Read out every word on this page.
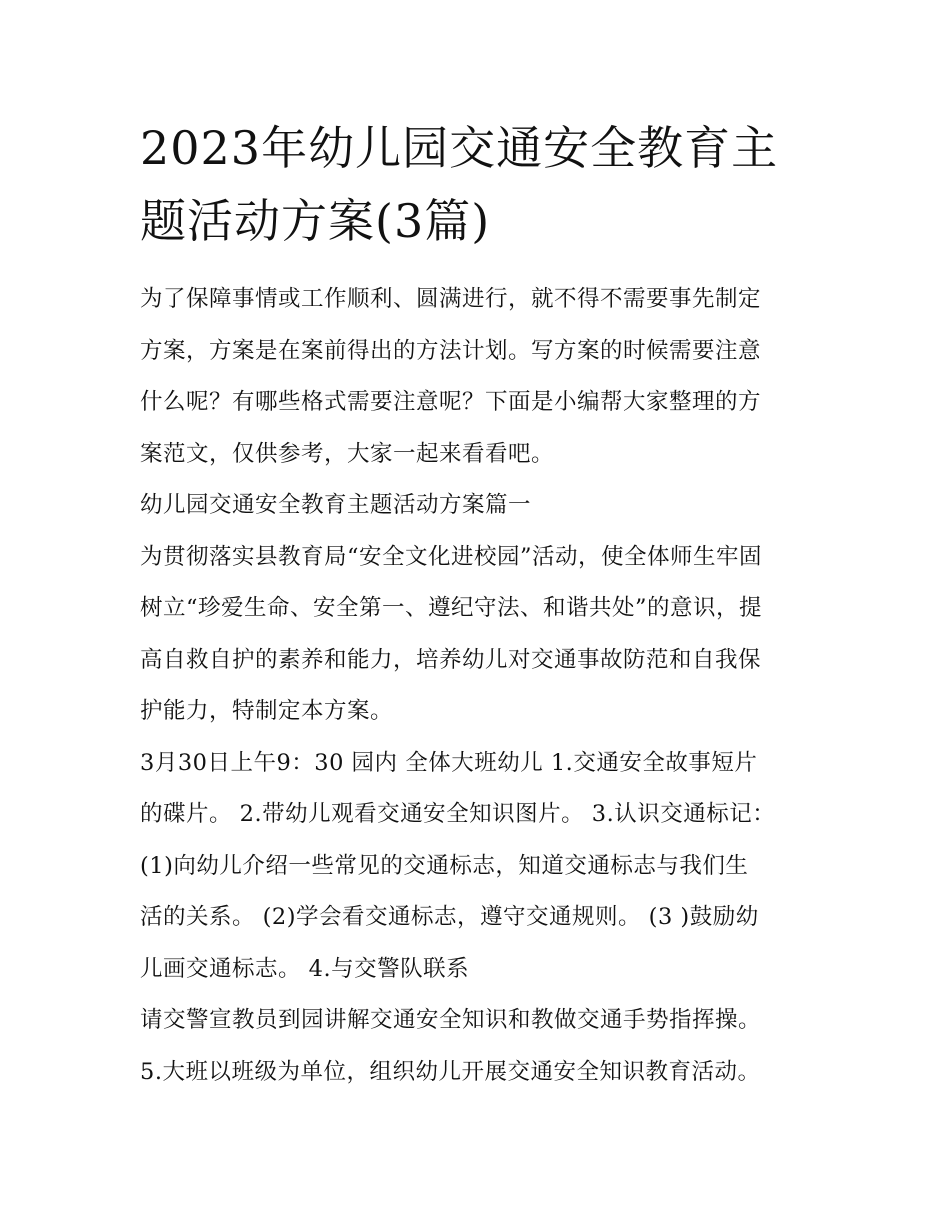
2023年幼儿园交通安全教育主
题活动方案(3篇)

为了保障事情或工作顺利、圆满进行，就不得不需要事先制定
方案，方案是在案前得出的方法计划。写方案的时候需要注意
什么呢？有哪些格式需要注意呢？下面是小编帮大家整理的方
案范文，仅供参考，大家一起来看看吧。

幼儿园交通安全教育主题活动方案篇一

为贯彻落实县教育局“安全文化进校园”活动，使全体师生牢固
树立“珍爱生命、安全第一、遵纪守法、和谐共处”的意识，提
高自救自护的素养和能力，培养幼儿对交通事故防范和自我保
护能力，特制定本方案。

3月30日上午9：30 园内 全体大班幼儿 1.交通安全故事短片
的碟片。 2.带幼儿观看交通安全知识图片。 3.认识交通标记：
(1)向幼儿介绍一些常见的交通标志，知道交通标志与我们生
活的关系。 (2)学会看交通标志，遵守交通规则。 (3 )鼓励幼
儿画交通标志。 4.与交警队联系

请交警宣教员到园讲解交通安全知识和教做交通手势指挥操。
5.大班以班级为单位，组织幼儿开展交通安全知识教育活动。
